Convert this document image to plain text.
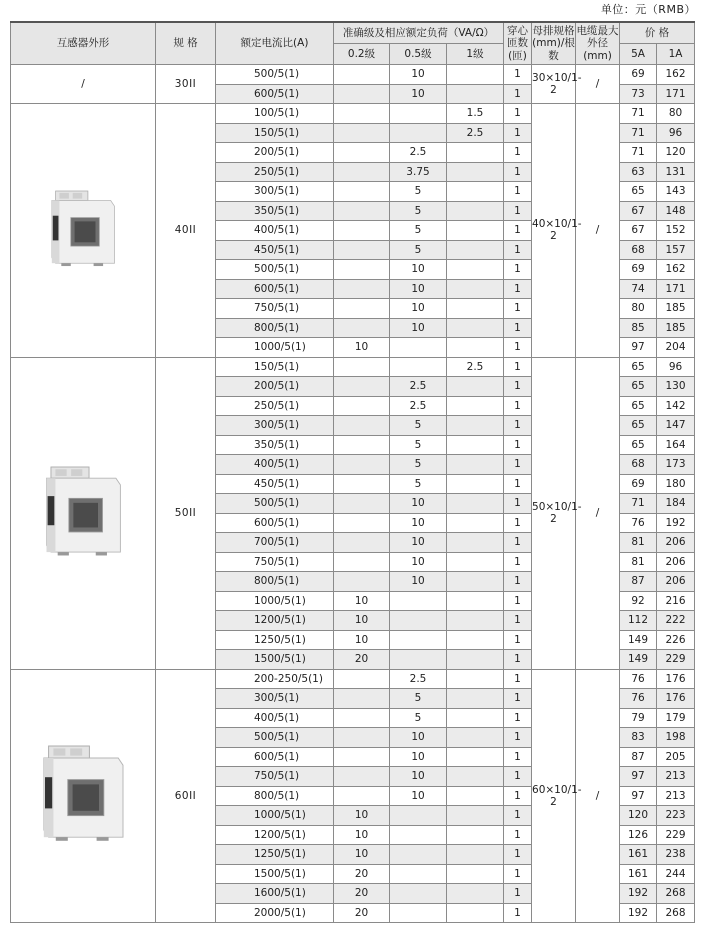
单位：元（RMB）
互感器外形	规 格	额定电流比(A)	准确级及相应额定负荷（VA/Ω）			穿心匝数(匝)	母排规格(mm)/根数	电缆最大外径(mm)	价 格	
			0.2级	0.5级	1级				5A	1A
/	30II	500/5(1)		10		1	30×10/1-2	/	69	162
		600/5(1)		10		1			73	171
	40II	100/5(1)			1.5	1	40×10/1-2	/	71	80
		150/5(1)			2.5	1			71	96
		200/5(1)		2.5		1			71	120
		250/5(1)		3.75		1			63	131
		300/5(1)		5		1			65	143
		350/5(1)		5		1			67	148
		400/5(1)		5		1			67	152
		450/5(1)		5		1			68	157
		500/5(1)		10		1			69	162
		600/5(1)		10		1			74	171
		750/5(1)		10		1			80	185
		800/5(1)		10		1			85	185
		1000/5(1)	10			1			97	204
	50II	150/5(1)			2.5	1	50×10/1-2	/	65	96
		200/5(1)		2.5		1			65	130
		250/5(1)		2.5		1			65	142
		300/5(1)		5		1			65	147
		350/5(1)		5		1			65	164
		400/5(1)		5		1			68	173
		450/5(1)		5		1			69	180
		500/5(1)		10		1			71	184
		600/5(1)		10		1			76	192
		700/5(1)		10		1			81	206
		750/5(1)		10		1			81	206
		800/5(1)		10		1			87	206
		1000/5(1)	10			1			92	216
		1200/5(1)	10			1			112	222
		1250/5(1)	10			1			149	226
		1500/5(1)	20			1			149	229
	60II	200-250/5(1)		2.5		1	60×10/1-2	/	76	176
		300/5(1)		5		1			76	176
		400/5(1)		5		1			79	179
		500/5(1)		10		1			83	198
		600/5(1)		10		1			87	205
		750/5(1)		10		1			97	213
		800/5(1)		10		1			97	213
		1000/5(1)	10			1			120	223
		1200/5(1)	10			1			126	229
		1250/5(1)	10			1			161	238
		1500/5(1)	20			1			161	244
		1600/5(1)	20			1			192	268
		2000/5(1)	20			1			192	268
